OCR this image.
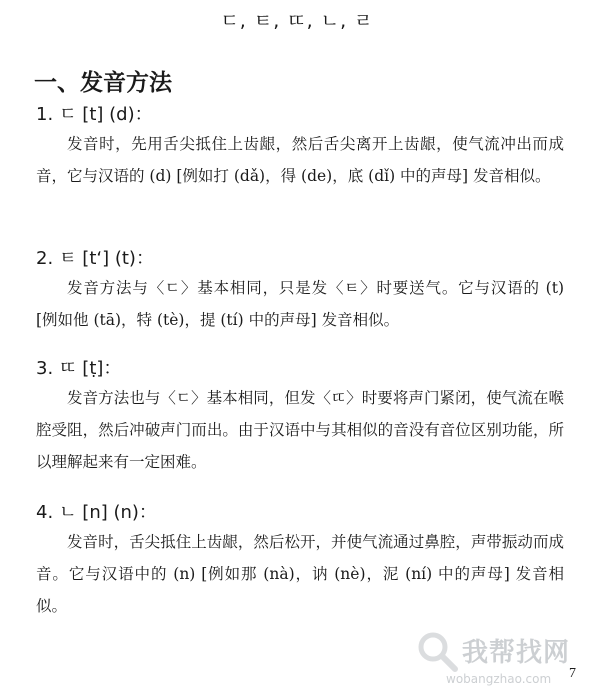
ㄷ, ㅌ, ㄸ, ㄴ, ㄹ
一、发音方法
1. ㄷ [t] (d)：
发音时，先用舌尖抵住上齿龈，然后舌尖离开上齿龈，使气流冲出而成音，它与汉语的 (d) [例如打 (dǎ)，得 (de)，底 (dǐ) 中的声母] 发音相似。
2. ㅌ [tʻ] (t)：
发音方法与〈ㄷ〉基本相同，只是发〈ㅌ〉时要送气。它与汉语的 (t) [例如他 (tā)，特 (tè)，提 (tí) 中的声母] 发音相似。
3. ㄸ [ṭ]：
发音方法也与〈ㄷ〉基本相同，但发〈ㄸ〉时要将声门紧闭，使气流在喉腔受阻，然后冲破声门而出。由于汉语中与其相似的音没有音位区别功能，所以理解起来有一定困难。
4. ㄴ [n] (n)：
发音时，舌尖抵住上齿龈，然后松开，并使气流通过鼻腔，声带振动而成音。它与汉语中的 (n) [例如那 (nà)，讷 (nè)，泥 (ní) 中的声母] 发音相似。
7
我帮找网
wobangzhao.com
